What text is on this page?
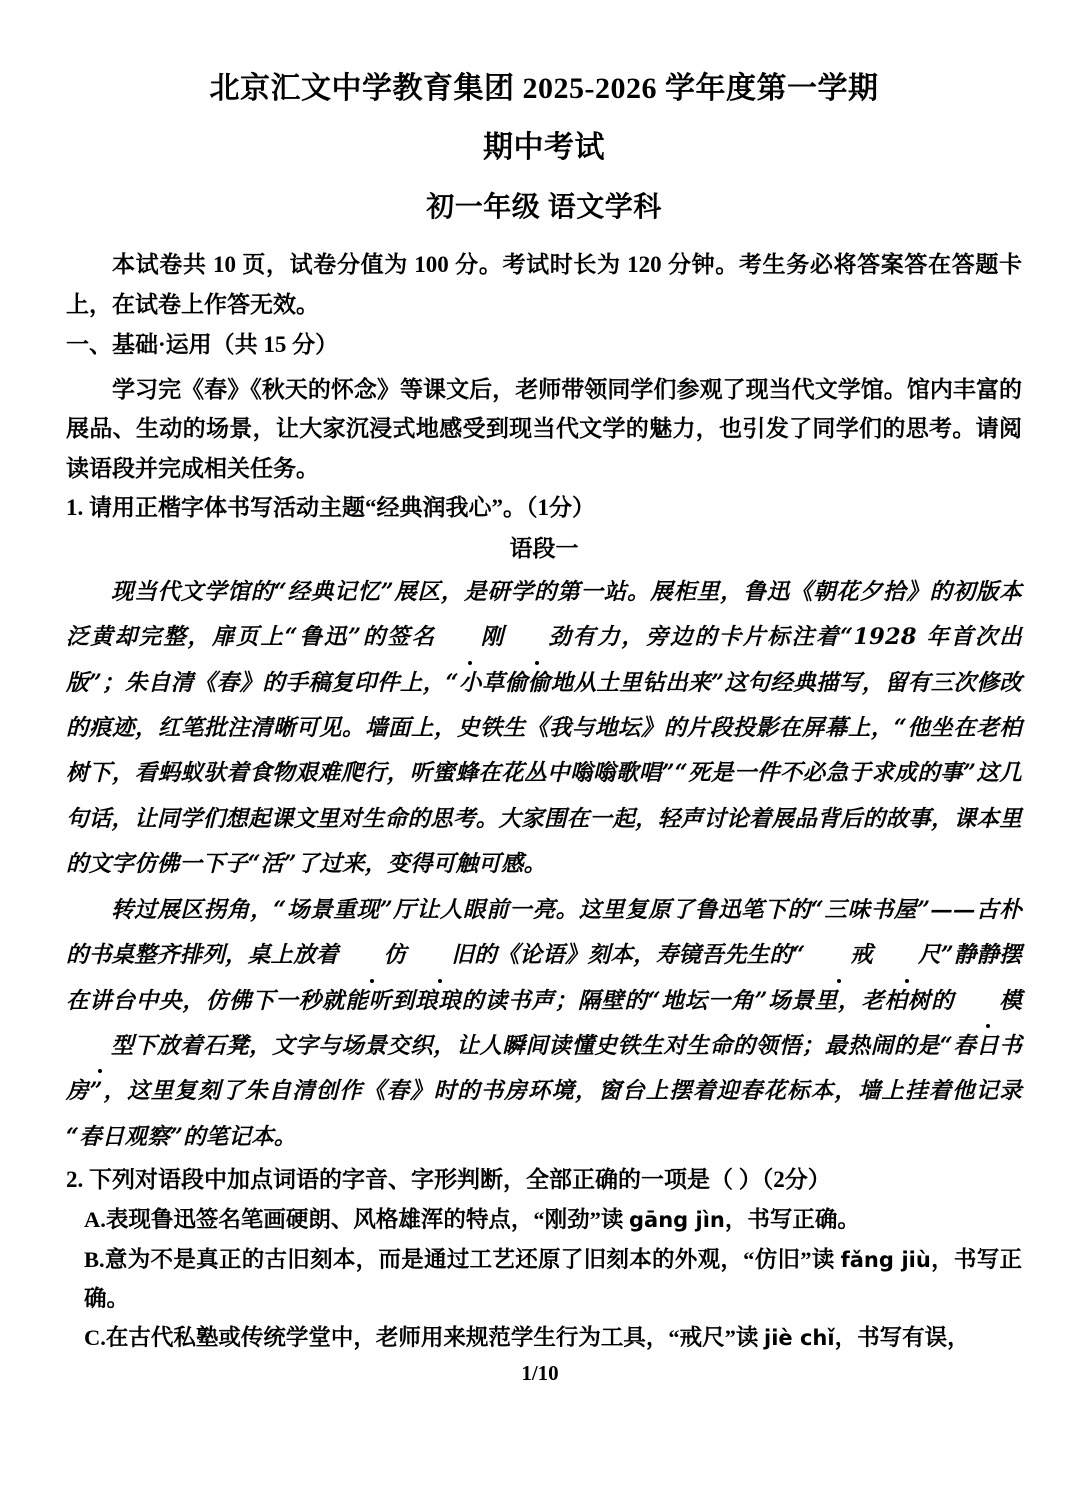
北京汇文中学教育集团 2025-2026 学年度第一学期
期中考试
初一年级 语文学科

本试卷共 10 页，试卷分值为 100 分。考试时长为 120 分钟。考生务必将答案答在答题卡上，在试卷上作答无效。

一、基础·运用（共 15 分）

学习完《春》《秋天的怀念》等课文后，老师带领同学们参观了现当代文学馆。馆内丰富的展品、生动的场景，让大家沉浸式地感受到现当代文学的魅力，也引发了同学们的思考。请阅读语段并完成相关任务。

1. 请用正楷字体书写活动主题“经典润我心”。（1分）

语段一

现当代文学馆的“经典记忆”展区，是研学的第一站。展柜里，鲁迅《朝花夕拾》的初版本泛黄却完整，扉页上“鲁迅”的签名 刚 劲有力，旁边的卡片标注着“1928 年首次出版”；朱自清《春》的手稿复印件上，“小草偷偷地从土里钻出来”这句经典描写，留有三次修改的痕迹，红笔批注清晰可见。墙面上，史铁生《我与地坛》的片段投影在屏幕上，“他坐在老柏树下，看蚂蚁驮着食物艰难爬行，听蜜蜂在花丛中嗡嗡歌唱”“死是一件不必急于求成的事”这几句话，让同学们想起课文里对生命的思考。大家围在一起，轻声讨论着展品背后的故事，课本里的文字仿佛一下子“活”了过来，变得可触可感。

转过展区拐角，“场景重现”厅让人眼前一亮。这里复原了鲁迅笔下的“三味书屋”——古朴的书桌整齐排列，桌上放着 仿 旧的《论语》刻本，寿镜吾先生的“ 戒 尺”静静摆在讲台中央，仿佛下一秒就能听到琅琅的读书声；隔壁的“地坛一角”场景里，老柏树的 模型下放着石凳，文字与场景交织，让人瞬间读懂史铁生对生命的领悟；最热闹的是“春日书房”，这里复刻了朱自清创作《春》时的书房环境，窗台上摆着迎春花标本，墙上挂着他记录“春日观察”的笔记本。

2. 下列对语段中加点词语的字音、字形判断，全部正确的一项是（ ）（2分）

A.表现鲁迅签名笔画硬朗、风格雄浑的特点，“刚劲”读 gāng jìn，书写正确。

B.意为不是真正的古旧刻本，而是通过工艺还原了旧刻本的外观，“仿旧”读 fǎng jiù，书写正确。

C.在古代私塾或传统学堂中，老师用来规范学生行为工具，“戒尺”读 jiè chǐ，书写有误，

1/10
